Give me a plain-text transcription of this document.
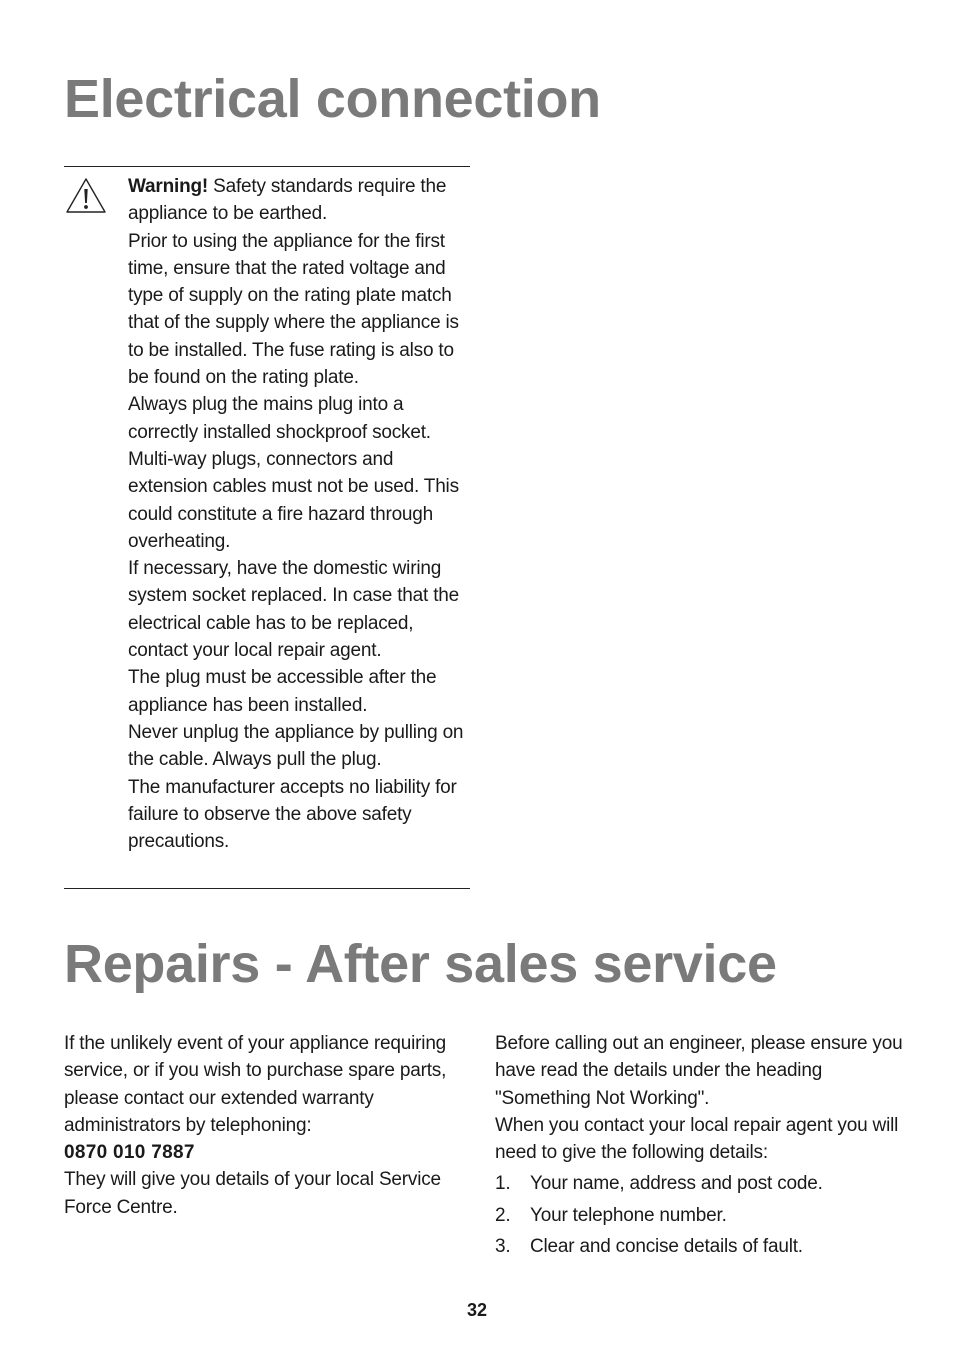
Electrical connection

Warning! Safety standards require the appliance to be earthed.

Prior to using the appliance for the first time, ensure that the rated voltage and type of supply on the rating plate match that of the supply where the appliance is to be installed. The fuse rating is also to be found on the rating plate.

Always plug the mains plug into a correctly installed shockproof socket. Multi-way plugs, connectors and extension cables must not be used. This could constitute a fire hazard through overheating.

If necessary, have the domestic wiring system socket replaced. In case that the electrical cable has to be replaced, contact your local repair agent.

The plug must be accessible after the appliance has been installed.

Never unplug the appliance by pulling on the cable. Always pull the plug.

The manufacturer accepts no liability for failure to observe the above safety precautions.

Repairs - After sales service

If the unlikely event of your appliance requiring service, or if you wish to purchase spare parts, please contact our extended warranty administrators by telephoning:

0870 010 7887

They will give you details of your local Service Force Centre.

Before calling out an engineer, please ensure you have read the details under the heading "Something Not Working".

When you contact your local repair agent you will need to give the following details:

1. Your name, address and post code.
2. Your telephone number.
3. Clear and concise details of fault.
32
